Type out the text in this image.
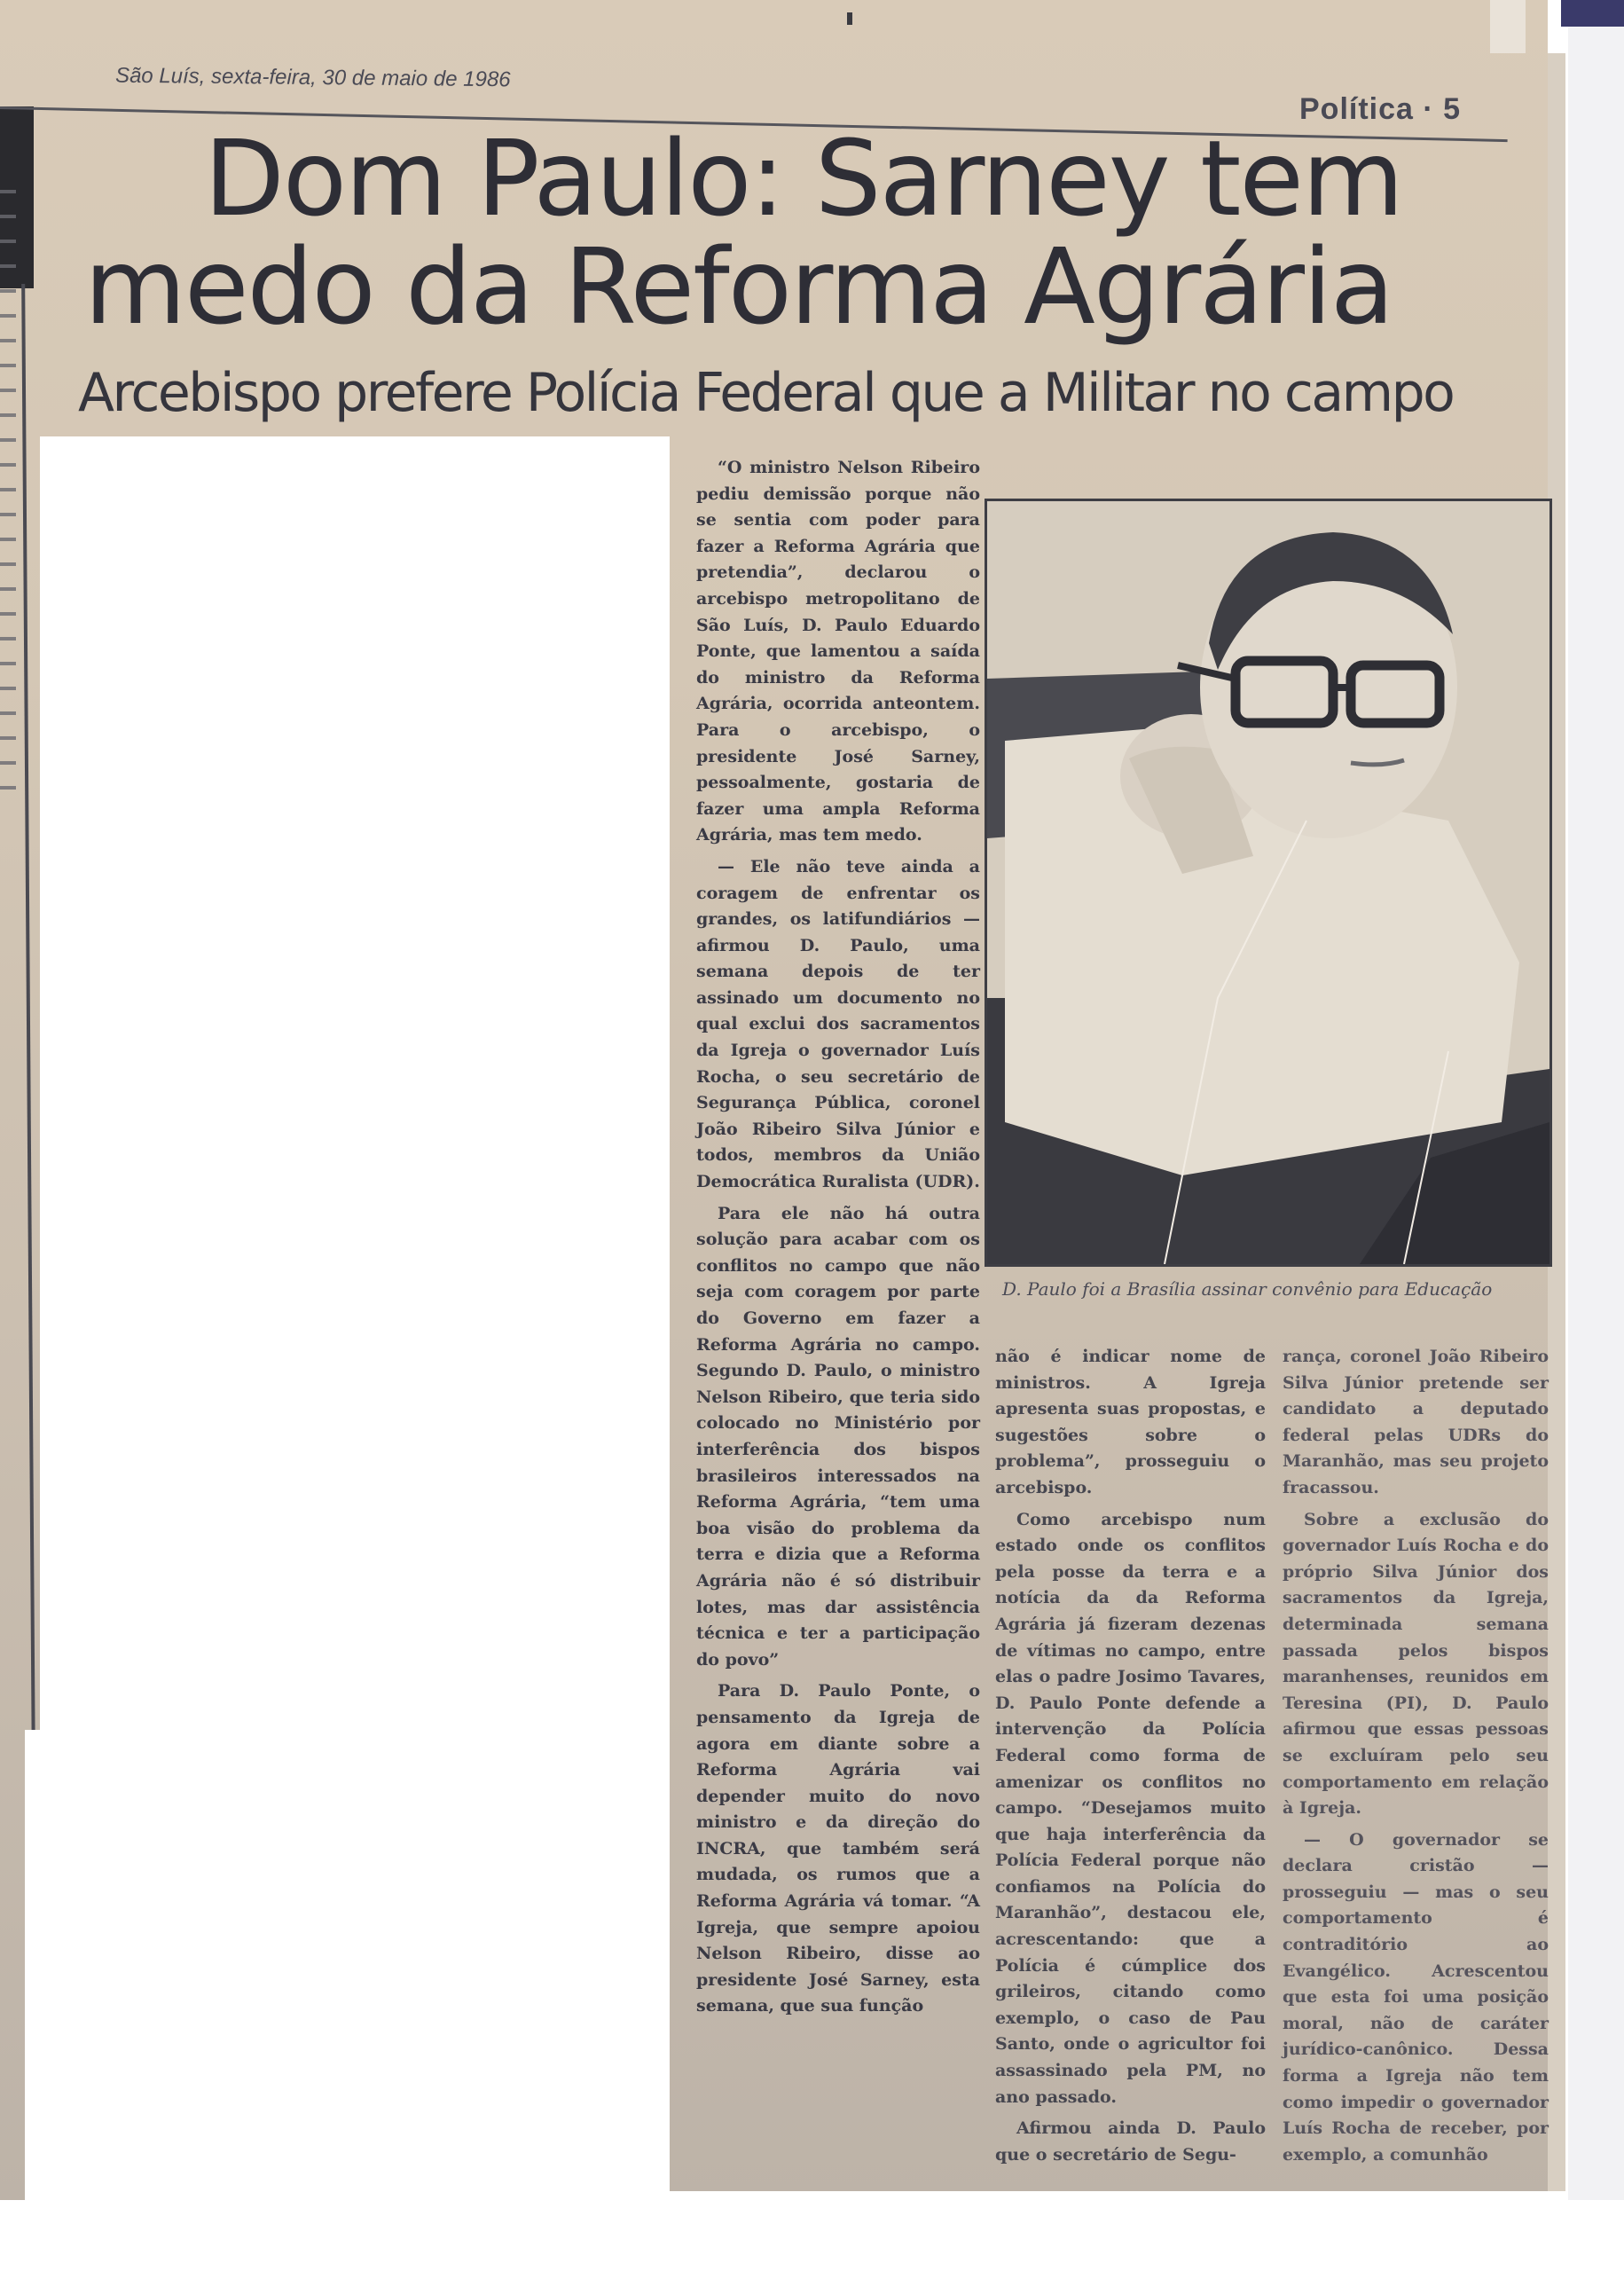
São Luís, sexta-feira, 30 de maio de 1986
Política · 5
Dom Paulo: Sarney tem
medo da Reforma Agrária
Arcebispo prefere Polícia Federal que a Militar no campo

“O ministro Nelson Ribeiro pediu demissão porque não se sentia com poder para fazer a Reforma Agrária que pretendia”, declarou o arcebispo metropolitano de São Luís, D. Paulo Eduardo Ponte, que lamentou a saída do ministro da Reforma Agrária, ocorrida anteontem. Para o arcebispo, o presidente José Sarney, pessoalmente, gostaria de fazer uma ampla Reforma Agrária, mas tem medo.

— Ele não teve ainda a coragem de enfrentar os grandes, os latifundiários — afirmou D. Paulo, uma semana depois de ter assinado um documento no qual exclui dos sacramentos da Igreja o governador Luís Rocha, o seu secretário de Segurança Pública, coronel João Ribeiro Silva Júnior e todos, membros da União Democrática Ruralista (UDR).

Para ele não há outra solução para acabar com os conflitos no campo que não seja com coragem por parte do Governo em fazer a Reforma Agrária no campo. Segundo D. Paulo, o ministro Nelson Ribeiro, que teria sido colocado no Ministério por interferência dos bispos brasileiros interessados na Reforma Agrária, “tem uma boa visão do problema da terra e dizia que a Reforma Agrária não é só distribuir lotes, mas dar assistência técnica e ter a participação do povo”

Para D. Paulo Ponte, o pensamento da Igreja de agora em diante sobre a Reforma Agrária vai depender muito do novo ministro e da direção do INCRA, que também será mudada, os rumos que a Reforma Agrária vá tomar. “A Igreja, que sempre apoiou Nelson Ribeiro, disse ao presidente José Sarney, esta semana, que sua função

D. Paulo foi a Brasília assinar convênio para Educação

não é indicar nome de ministros. A Igreja apresenta suas propostas, e sugestões sobre o problema”, prosseguiu o arcebispo.

Como arcebispo num estado onde os conflitos pela posse da terra e a notícia da da Reforma Agrária já fizeram dezenas de vítimas no campo, entre elas o padre Josimo Tavares, D. Paulo Ponte defende a intervenção da Polícia Federal como forma de amenizar os conflitos no campo. “Desejamos muito que haja interferência da Polícia Federal porque não confiamos na Polícia do Maranhão”, destacou ele, acrescentando: que a Polícia é cúmplice dos grileiros, citando como exemplo, o caso de Pau Santo, onde o agricultor foi assassinado pela PM, no ano passado.

Afirmou ainda D. Paulo que o secretário de Segu-

rança, coronel João Ribeiro Silva Júnior pretende ser candidato a deputado federal pelas UDRs do Maranhão, mas seu projeto fracassou.

Sobre a exclusão do governador Luís Rocha e do próprio Silva Júnior dos sacramentos da Igreja, determinada semana passada pelos bispos maranhenses, reunidos em Teresina (PI), D. Paulo afirmou que essas pessoas se excluíram pelo seu comportamento em relação à Igreja.

— O governador se declara cristão — prosseguiu — mas o seu comportamento é contraditório ao Evangélico. Acrescentou que esta foi uma posição moral, não de caráter jurídico-canônico. Dessa forma a Igreja não tem como impedir o governador Luís Rocha de receber, por exemplo, a comunhão
